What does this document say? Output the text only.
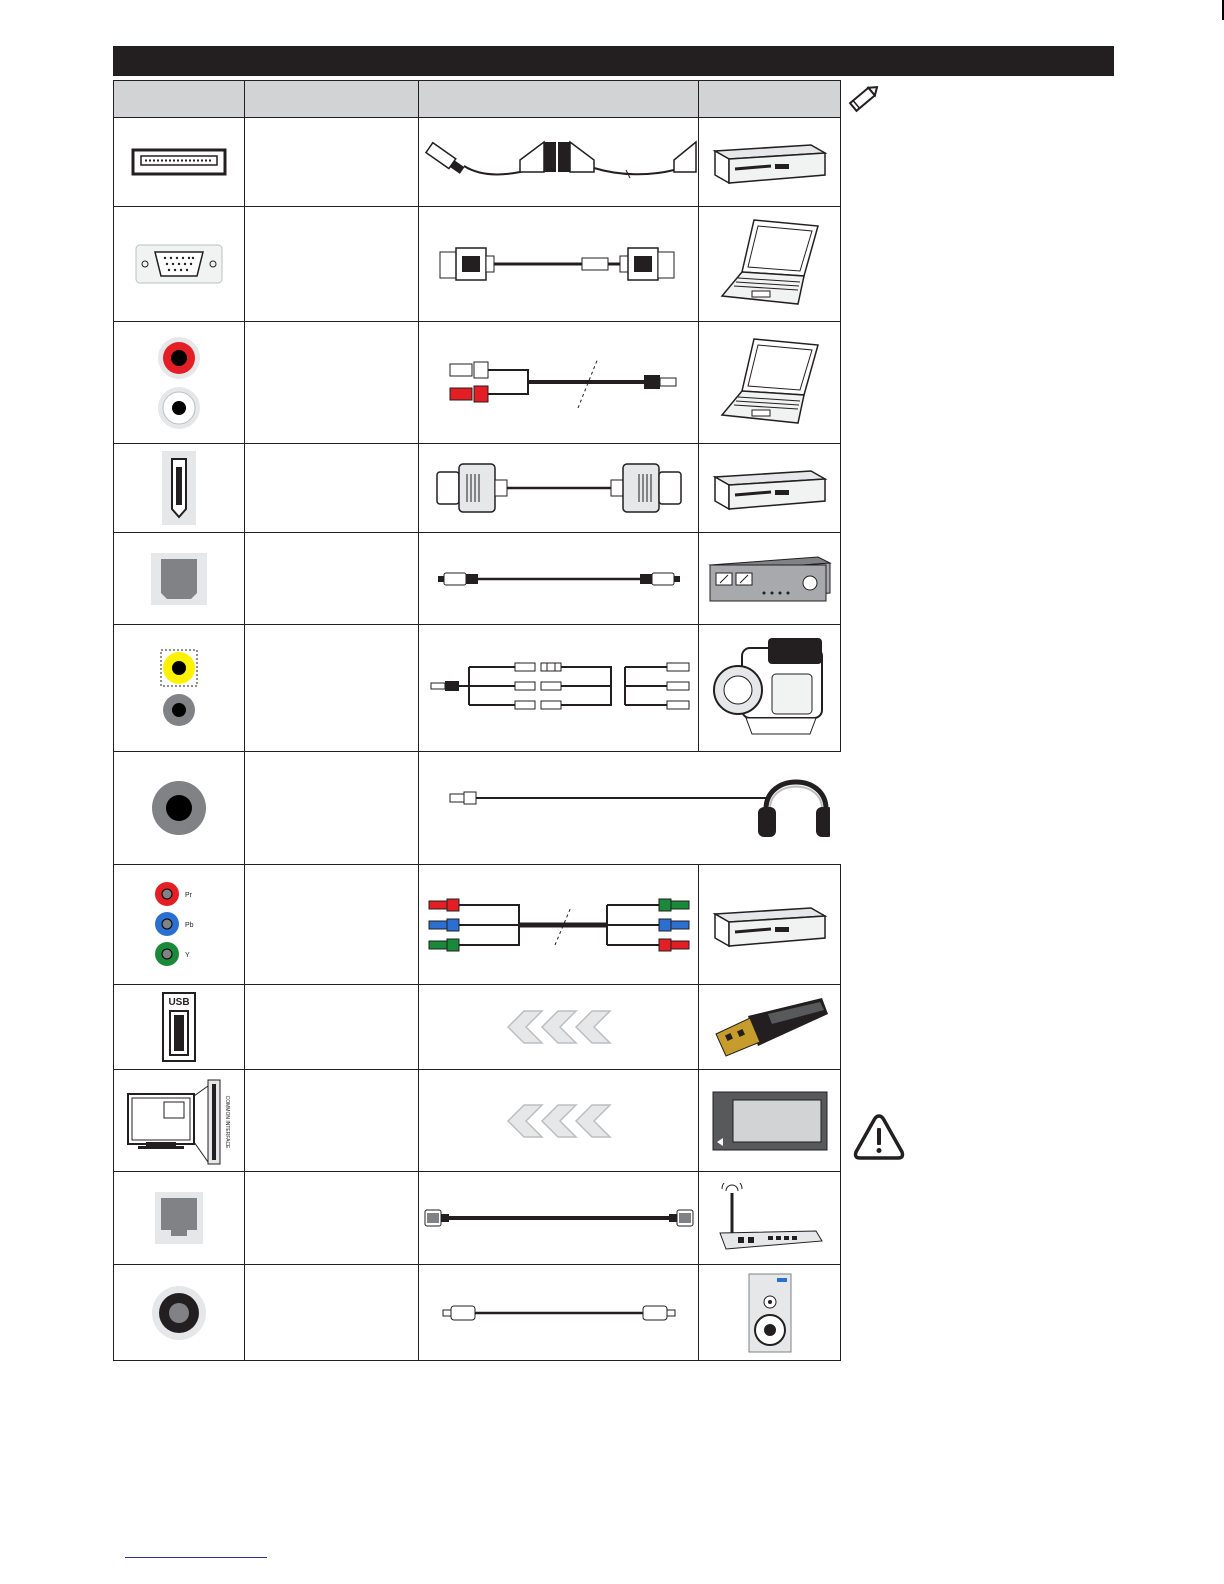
Pr
Pb
Y

USB

COMMON INTERFACE
